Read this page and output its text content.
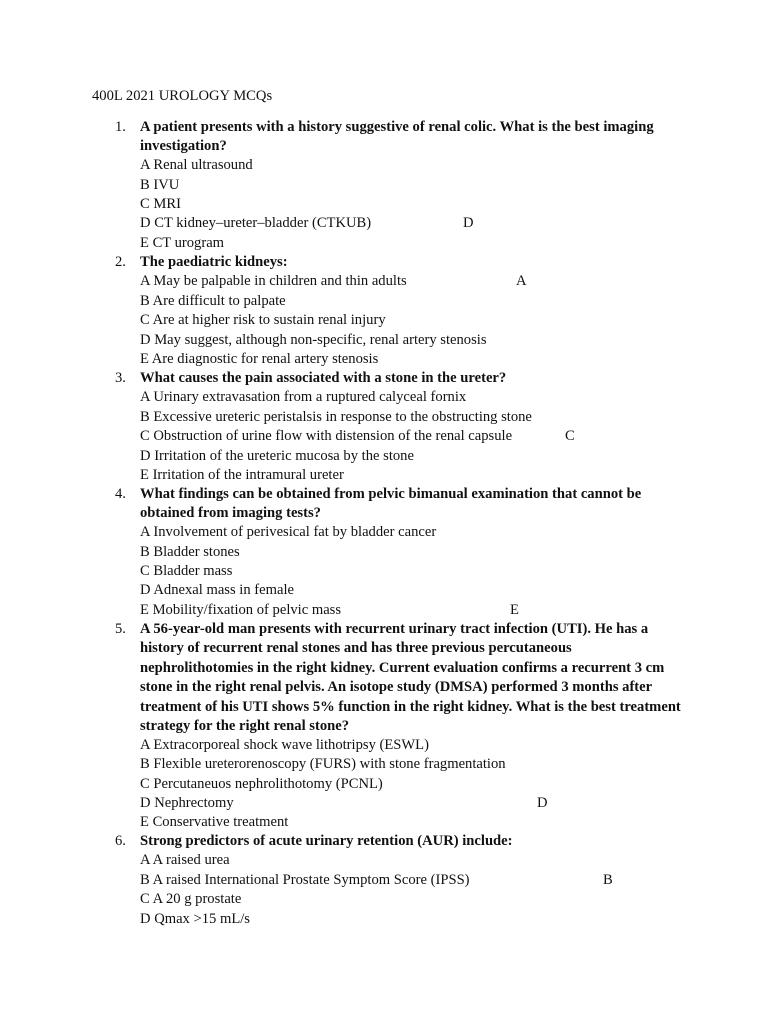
400L 2021 UROLOGY MCQs
1. A patient presents with a history suggestive of renal colic. What is the best imaging investigation?
A Renal ultrasound
B IVU
C MRI
D CT kidney–ureter–bladder (CTKUB)	D
E CT urogram
2. The paediatric kidneys:
A May be palpable in children and thin adults	A
B Are difficult to palpate
C Are at higher risk to sustain renal injury
D May suggest, although non-specific, renal artery stenosis
E Are diagnostic for renal artery stenosis
3. What causes the pain associated with a stone in the ureter?
A Urinary extravasation from a ruptured calyceal fornix
B Excessive ureteric peristalsis in response to the obstructing stone
C Obstruction of urine flow with distension of the renal capsule	C
D Irritation of the ureteric mucosa by the stone
E Irritation of the intramural ureter
4. What findings can be obtained from pelvic bimanual examination that cannot be obtained from imaging tests?
A Involvement of perivesical fat by bladder cancer
B Bladder stones
C Bladder mass
D Adnexal mass in female
E Mobility/fixation of pelvic mass	E
5. A 56-year-old man presents with recurrent urinary tract infection (UTI). He has a history of recurrent renal stones and has three previous percutaneous nephrolithotomies in the right kidney. Current evaluation confirms a recurrent 3 cm stone in the right renal pelvis. An isotope study (DMSA) performed 3 months after treatment of his UTI shows 5% function in the right kidney. What is the best treatment strategy for the right renal stone?
A Extracorporeal shock wave lithotripsy (ESWL)
B Flexible ureterorenoscopy (FURS) with stone fragmentation
C Percutaneuos nephrolithotomy (PCNL)
D Nephrectomy	D
E Conservative treatment
6. Strong predictors of acute urinary retention (AUR) include:
A A raised urea
B A raised International Prostate Symptom Score (IPSS)	B
C A 20 g prostate
D Qmax >15 mL/s
